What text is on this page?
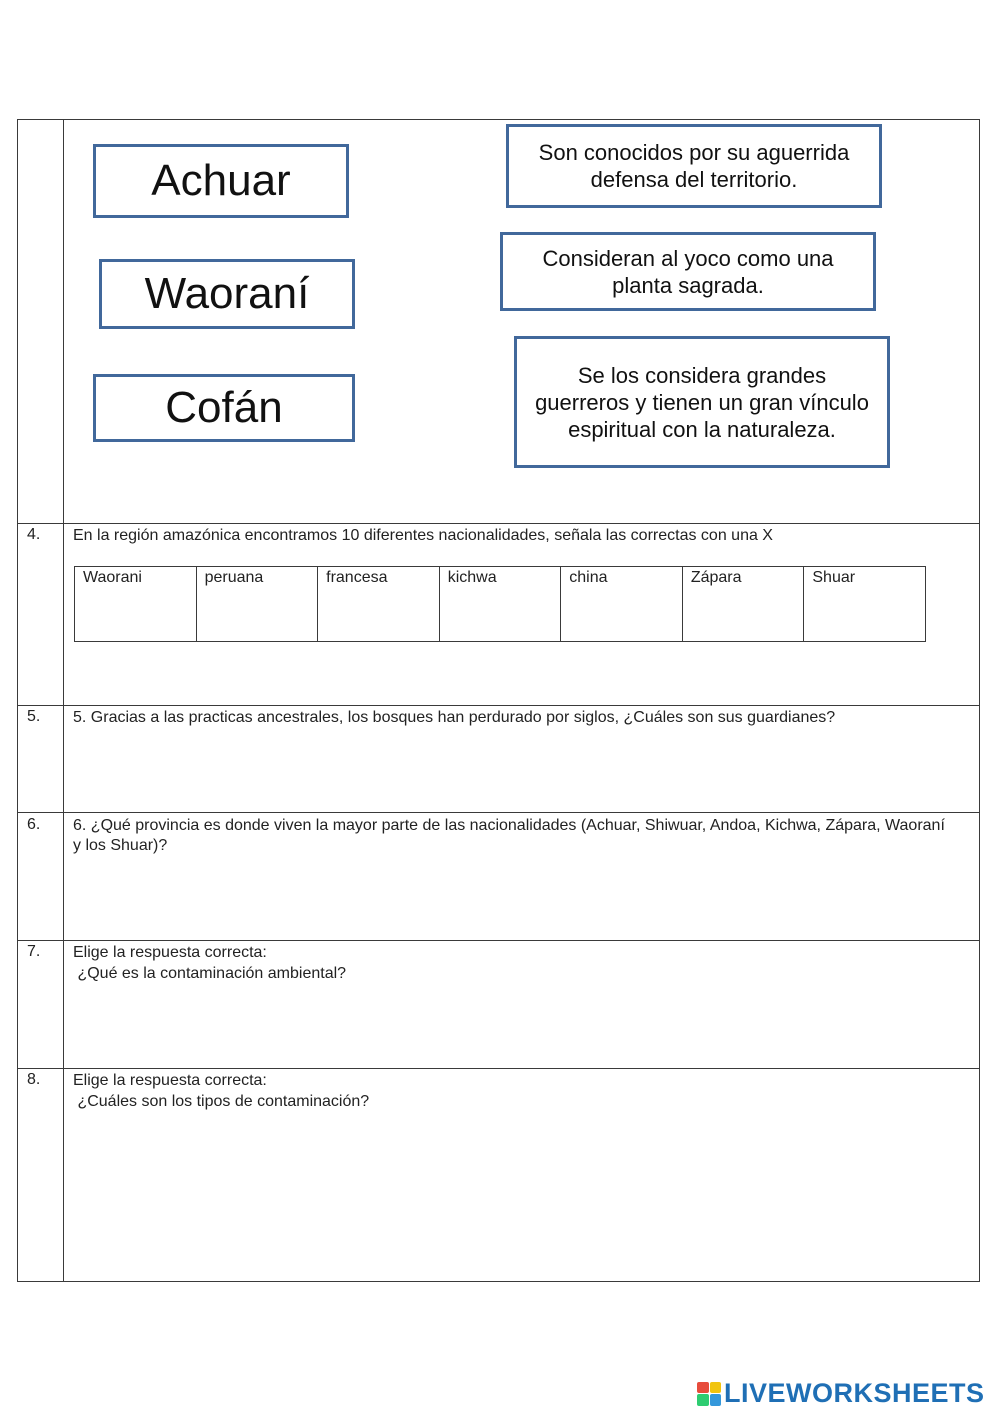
Achuar
Waoraní
Cofán
Son conocidos por su aguerrida defensa del territorio.
Consideran al yoco como una planta sagrada.
Se los considera grandes guerreros y tienen un gran vínculo espiritual con la naturaleza.
4. En la región amazónica encontramos 10 diferentes nacionalidades, señala las correctas con una X
Waorani	peruana	francesa	kichwa	china	Zápara	Shuar
5. 5. Gracias a las practicas ancestrales, los bosques han perdurado por siglos, ¿Cuáles son sus guardianes?
6. 6. ¿Qué provincia es donde viven la mayor parte de las nacionalidades (Achuar, Shiwuar, Andoa, Kichwa, Zápara, Waoraní y los Shuar)?
7. Elige la respuesta correcta:
¿Qué es la contaminación ambiental?
8. Elige la respuesta correcta:
¿Cuáles son los tipos de contaminación?
LIVEWORKSHEETS
